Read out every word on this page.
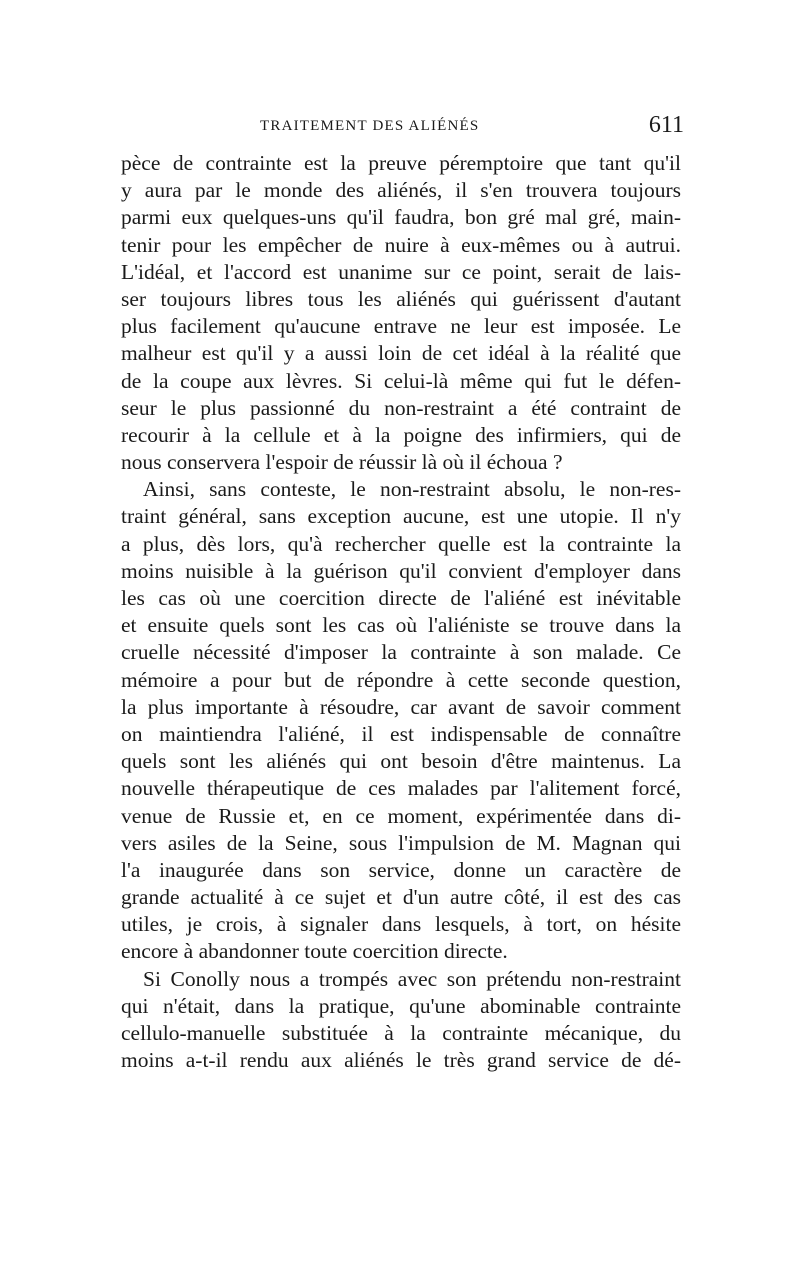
TRAITEMENT DES ALIÉNÉS	611
pèce de contrainte est la preuve péremptoire que tant qu'il
y aura par le monde des aliénés, il s'en trouvera toujours
parmi eux quelques-uns qu'il faudra, bon gré mal gré, main-
tenir pour les empêcher de nuire à eux-mêmes ou à autrui.
L'idéal, et l'accord est unanime sur ce point, serait de lais-
ser toujours libres tous les aliénés qui guérissent d'autant
plus facilement qu'aucune entrave ne leur est imposée. Le
malheur est qu'il y a aussi loin de cet idéal à la réalité que
de la coupe aux lèvres. Si celui-là même qui fut le défen-
seur le plus passionné du non-restraint a été contraint de
recourir à la cellule et à la poigne des infirmiers, qui de
nous conservera l'espoir de réussir là où il échoua ?
Ainsi, sans conteste, le non-restraint absolu, le non-res-
traint général, sans exception aucune, est une utopie. Il n'y
a plus, dès lors, qu'à rechercher quelle est la contrainte la
moins nuisible à la guérison qu'il convient d'employer dans
les cas où une coercition directe de l'aliéné est inévitable
et ensuite quels sont les cas où l'aliéniste se trouve dans la
cruelle nécessité d'imposer la contrainte à son malade. Ce
mémoire a pour but de répondre à cette seconde question,
la plus importante à résoudre, car avant de savoir comment
on maintiendra l'aliéné, il est indispensable de connaître
quels sont les aliénés qui ont besoin d'être maintenus. La
nouvelle thérapeutique de ces malades par l'alitement forcé,
venue de Russie et, en ce moment, expérimentée dans di-
vers asiles de la Seine, sous l'impulsion de M. Magnan qui
l'a inaugurée dans son service, donne un caractère de
grande actualité à ce sujet et d'un autre côté, il est des cas
utiles, je crois, à signaler dans lesquels, à tort, on hésite
encore à abandonner toute coercition directe.
Si Conolly nous a trompés avec son prétendu non-restraint
qui n'était, dans la pratique, qu'une abominable contrainte
cellulo-manuelle substituée à la contrainte mécanique, du
moins a-t-il rendu aux aliénés le très grand service de dé-
